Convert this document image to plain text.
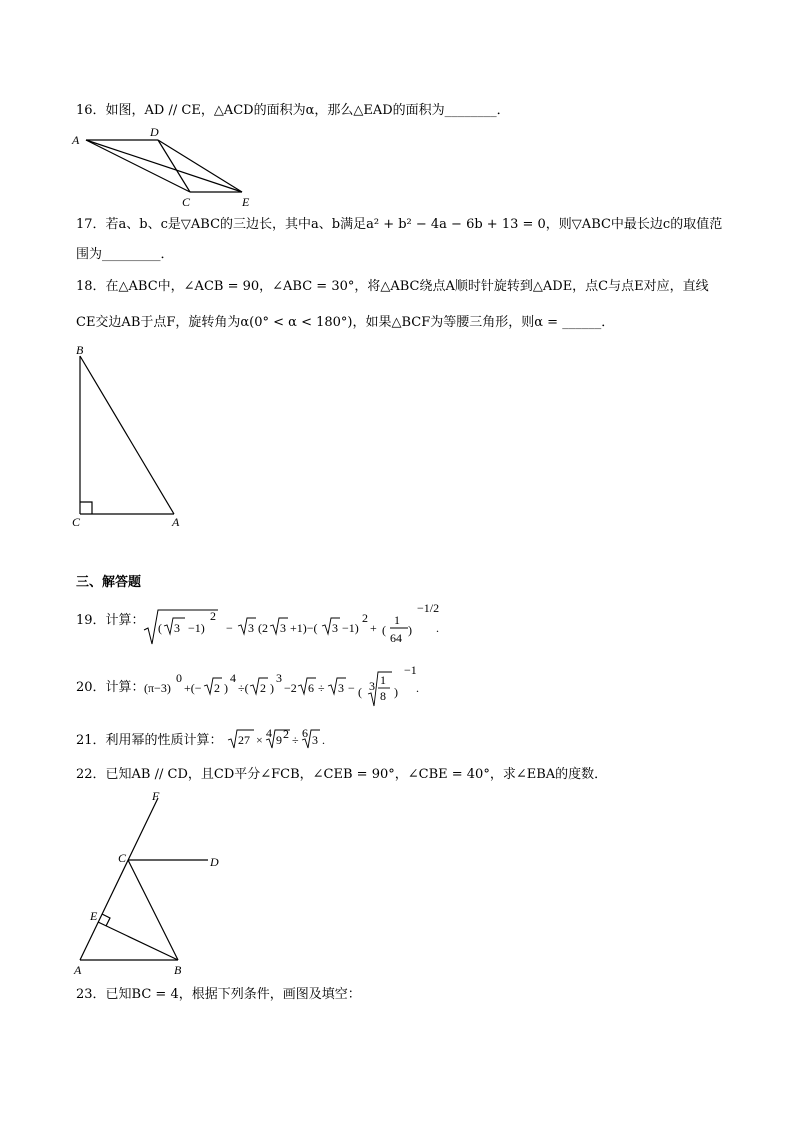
16．如图，AD // CE，△ACD的面积为α，那么△EAD的面积为________．
A
D
C	E
17．若a、b、c是▽ABC的三边长，其中a、b满足a² + b² − 4a − 6b + 13 = 0，则▽ABC中最长边c的取值范
围为_________．
18．在△ABC中，∠ACB = 90，∠ABC = 30°，将△ABC绕点A顺时针旋转到△ADE，点C与点E对应，直线
CE交边AB于点F，旋转角为α(0° < α < 180°)，如果△BCF为等腰三角形，则α = ______．
B
C	A
三、解答题
19．计算： ( 3 −1)
2
− 3 (2 3 +1)−( 3 −1)
2
+ (
1
64
)
−1/2
.
20．计算： (π−3)
0
+(− 2 )
4
÷( 2 )
3
−2 6 ÷ 3 − ( 3 1
8 )
−1
.
21．利用幂的性质计算： 27 × 4 9 2 ÷ 6 3 .
22．已知AB // CD，且CD平分∠FCB，∠CEB = 90°，∠CBE = 40°，求∠EBA的度数．
F
C	D
E
A	B
23．已知BC = 4，根据下列条件，画图及填空：
